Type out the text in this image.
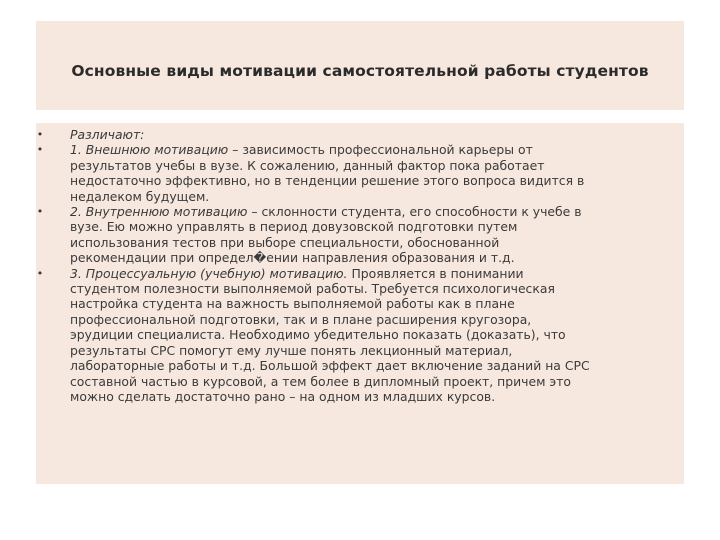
Основные виды мотивации самостоятельной работы студентов
• Различают:
• 1. Внешнюю мотивацию – зависимость профессиональной карьеры от
результатов учебы в вузе. К сожалению, данный фактор пока работает
недостаточно эффективно, но в тенденции решение этого вопроса видится в
недалеком будущем.
• 2. Внутреннюю мотивацию – склонности студента, его способности к учебе в
вузе. Ею можно управлять в период довузовской подготовки путем
использования тестов при выборе специальности, обоснованной
рекомендации при определ�ении направления образования и т.д.
• 3. Процессуальную (учебную) мотивацию. Проявляется в понимании
студентом полезности выполняемой работы. Требуется психологическая
настройка студента на важность выполняемой работы как в плане
профессиональной подготовки, так и в плане расширения кругозора,
эрудиции специалиста. Необходимо убедительно показать (доказать), что
результаты СРС помогут ему лучше понять лекционный материал,
лабораторные работы и т.д. Большой эффект дает включение заданий на СРС
составной частью в курсовой, а тем более в дипломный проект, причем это
можно сделать достаточно рано – на одном из младших курсов.
